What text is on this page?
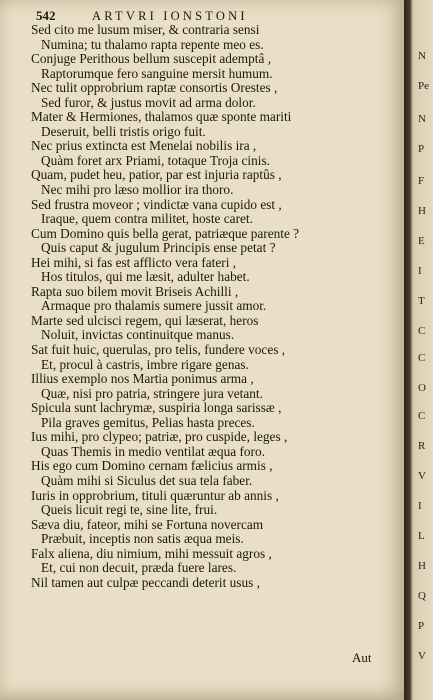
542	ARTVRI IONSTONI
Sed cito me lusum miser, & contraria sensi
Numina; tu thalamo rapta repente meo es.
Conjuge Perithous bellum suscepit ademptâ ,
Raptorumque fero sanguine mersit humum.
Nec tulit opprobrium raptæ consortis Orestes ,
Sed furor, & justus movit ad arma dolor.
Mater & Hermiones, thalamos quæ sponte mariti
Deseruit, belli tristis origo fuit.
Nec prius extincta est Menelai nobilis ira ,
Quàm foret arx Priami, totaque Troja cinis.
Quam, pudet heu, patior, par est injuria raptûs ,
Nec mihi pro læso mollior ira thoro.
Sed frustra moveor ; vindictæ vana cupido est ,
Iraque, quem contra militet, hoste caret.
Cum Domino quis bella gerat, patriæque parente ?
Quis caput & jugulum Principis ense petat ?
Hei mihi, si fas est afflicto vera fateri ,
Hos titulos, qui me læsit, adulter habet.
Rapta suo bilem movit Briseis Achilli ,
Armaque pro thalamis sumere jussit amor.
Marte sed ulcisci regem, qui læserat, heros
Noluit, invictas continuitque manus.
Sat fuit huic, querulas, pro telis, fundere voces ,
Et, procul à castris, imbre rigare genas.
Illius exemplo nos Martia ponimus arma ,
Quæ, nisi pro patria, stringere jura vetant.
Spicula sunt lachrymæ, suspiria longa sarissæ ,
Pila graves gemitus, Pelias hasta preces.
Ius mihi, pro clypeo; patriæ, pro cuspide, leges ,
Quas Themis in medio ventilat æqua foro.
His ego cum Domino cernam fælicius armis ,
Quàm mihi si Siculus det sua tela faber.
Iuris in opprobrium, tituli quæruntur ab annis ,
Queis licuit regi te, sine lite, frui.
Sæva diu, fateor, mihi se Fortuna novercam
Præbuit, inceptis non satis æqua meis.
Falx aliena, diu nimium, mihi messuit agros ,
Et, cui non decuit, præda fuere lares.
Nil tamen aut culpæ peccandi deterit usus ,
Aut
N
Pe
N
P
F
H
E
I
T
C
C
O
C
R
V
I
L
H
Q
P
V
